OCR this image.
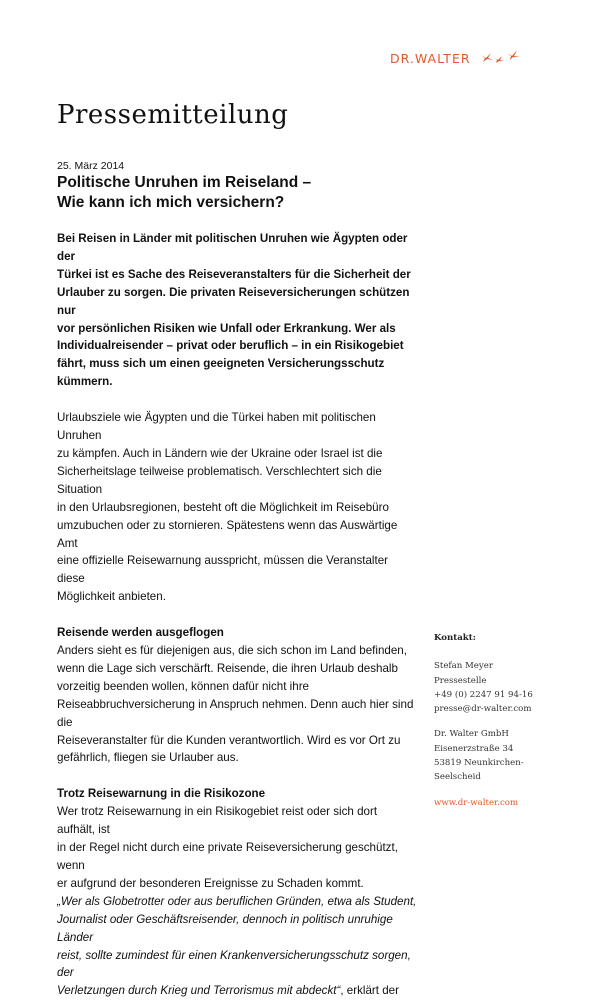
DR.WALTER
Pressemitteilung
25. März 2014
Politische Unruhen im Reiseland –
Wie kann ich mich versichern?
Bei Reisen in Länder mit politischen Unruhen wie Ägypten oder der
Türkei ist es Sache des Reiseveranstalters für die Sicherheit der
Urlauber zu sorgen. Die privaten Reiseversicherungen schützen nur
vor persönlichen Risiken wie Unfall oder Erkrankung. Wer als
Individualreisender – privat oder beruflich – in ein Risikogebiet
fährt, muss sich um einen geeigneten Versicherungsschutz
kümmern.
Urlaubsziele wie Ägypten und die Türkei haben mit politischen Unruhen
zu kämpfen. Auch in Ländern wie der Ukraine oder Israel ist die
Sicherheitslage teilweise problematisch. Verschlechtert sich die Situation
in den Urlaubsregionen, besteht oft die Möglichkeit im Reisebüro
umzubuchen oder zu stornieren. Spätestens wenn das Auswärtige Amt
eine offizielle Reisewarnung ausspricht, müssen die Veranstalter diese
Möglichkeit anbieten.
Reisende werden ausgeflogen
Anders sieht es für diejenigen aus, die sich schon im Land befinden,
wenn die Lage sich verschärft. Reisende, die ihren Urlaub deshalb
vorzeitig beenden wollen, können dafür nicht ihre
Reiseabbruchversicherung in Anspruch nehmen. Denn auch hier sind die
Reiseveranstalter für die Kunden verantwortlich. Wird es vor Ort zu
gefährlich, fliegen sie Urlauber aus.
Trotz Reisewarnung in die Risikozone
Wer trotz Reisewarnung in ein Risikogebiet reist oder sich dort aufhält, ist
in der Regel nicht durch eine private Reiseversicherung geschützt, wenn
er aufgrund der besonderen Ereignisse zu Schaden kommt.
„Wer als Globetrotter oder aus beruflichen Gründen, etwa als Student,
Journalist oder Geschäftsreisender, dennoch in politisch unruhige Länder
reist, sollte zumindest für einen Krankenversicherungsschutz sorgen, der
Verletzungen durch Krieg und Terrorismus mit abdeckt“, erklärt der
Kontakt:
Stefan Meyer
Pressestelle
+49 (0) 2247 91 94-16
presse@dr-walter.com
Dr. Walter GmbH
Eisenerzstraße 34
53819 Neunkirchen-
Seelscheid
www.dr-walter.com
